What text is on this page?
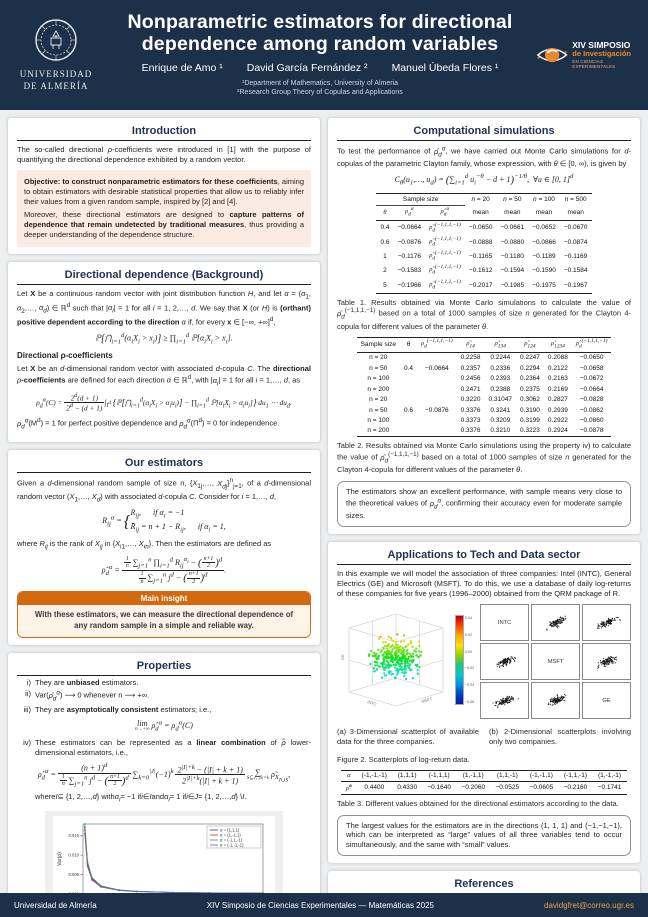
UNIVERSIDAD
DE ALMERÍA
Nonparametric estimators for directional
dependence among random variables
Enrique de Amo ¹ David García Fernández ² Manuel Úbeda Flores ¹
¹Department of Mathematics, University of Almeria
²Research Group Theory of Copulas and Applications
XIV SIMPOSIO
de Investigación
EN CIENCIAS EXPERIMENTALES
Introduction

The so-called directional ρ-coefficients were introduced in [1] with the purpose of quantifying the directional dependence exhibited by a random vector.

Objective: to construct nonparametric estimators for these coefficients, aiming to obtain estimators with desirable statistical properties that allow us to reliably infer their values from a given random sample, inspired by [2] and [4].

Moreover, these directional estimators are designed to capture patterns of dependence that remain undetected by traditional measures, thus providing a deeper understanding of the dependence structure.

Directional dependence (Background)

Let X be a continuous random vector with joint distribution function H, and let $\alpha = (\alpha_1$, $\alpha_2,\dots$, $\alpha_d$) ∈ ℝ$^d$ such that $|\alpha_i| = 1$ for all i = 1, 2,…, d. We say that X (or H) is (orthant) positive dependent according to the direction α if, for every x ∈ [−∞, +∞]$^d$,

$ℙ[⋂_{i=1}^d(\alpha_iX_i > x_i)]$ ≥ $\prod_{i=1}^d$ $ℙ[\alpha_iX_i > x_i]$.
Directional ρ-coefficients

Let X be an d-dimensional random vector with associated d-copula C. The directional ρ-coefficients are defined for each direction α ∈ ℝ$^d$, with $|\alpha_i| = 1$ for all i = 1,…, d, as

$\rho_d^\alpha(C) = \frac{2^d(d + 1)}{2^d - (d + 1)} \int_{I^d}$ {$ℙ[⋂_{i=1}^d(\alpha_iX_i > \alpha_iu_i)]$ − $\prod_{i=1}^d$ $ℙ[\alpha_iX_i > \alpha_iu_i]$} $du_1$ ⋯ $du_d$.

$\rho_d^\alpha(M^d) = 1$ for perfect positive dependence and $\rho_d^\alpha(\Pi^d) = 0$ for independence.

Our estimators

Given a d-dimensional random sample of size n, {$X_{1j},\dots$, $X_{dj}\}^n_{j=1}$, of a d-dimensional random vector ($X_1,\dots$, $X_d$) with associated d-copula C. Consider for i = 1,…, d,

$R_{ij}^\alpha$ = { $R_{ij}$, if $\alpha_i = -1$
$R̄_{ij} = n + 1 - R_{ij}$, if $\alpha_i = 1$,

where $R_{ij}$ is the rank of $X_{ij}$ in {$X_{i1},\dots$, $X_{in}$}. Then the estimators are defined as

$\rhô_d^\alpha = \frac{\frac{1}{n} \sum_{j=1}^n \prod_{i=1}^d R_{ij}^{\alpha_i} - ( \frac{n+1}{2} )^d}{\frac{1}{n} \sum_{j=1}^n j^d - ( \frac{n+1}{2} )^d}$ .
Main insight
With these estimators, we can measure the directional dependence of any random sample in a simple and reliable way.
Properties
i) They are unbiased estimators.
ii) $Var(\rhô_d^\alpha)$ ⟶ 0 whenever n ⟶ +∞.
iii) They are asymptotically consistent estimators; i.e.,
lim
n→+∞ $\rhô_d^\alpha = \rho_d^\alpha(C)$
iv) These estimators can be represented as a linear combination of ρ̃ lower-dimensional estimators, i.e.,
$\rhô_d^\alpha = \frac{(n + 1)^d}{\frac{1}{n} \sum_{j=1}^n j^d - ( \frac{n+1}{2} )^d} \sum_{k=0}^{|J|}(-1)^k \frac{2^{|I|+k} - (|I| + k + 1)}{2^{|I|+k}(|I| + k + 1)}$ ∑
S⊆J, |S|=k $\rhõ_{X_{I\cup S}}$,
where I ⊆ {1, 2,…, d } with $\alpha_i = -1$ if i ∈ I and $\alpha_i = 1$ if i ∈ J = {1, 2,…, d } \ I .
0.005
0.010
0.015
Var(ρ̂)
α = (1,1,1)
α = (1,-1,1)
α = (-1,1,-1)
α = (-1,-1,-1)

Computational simulations

To test the performance of $\rhô_d^\alpha$, we have carried out Monte Carlo simulations for d-copulas of the parametric Clayton family, whose expression, with θ ∈ [0, ∞), is given by

$C_\theta(u_1,\dots$, $u_d) = (\sum_{i=1}^d$ $u_i^{-\theta} - d + 1)^{-1/\theta}$,  ∀u ∈ [0, 1]$^d$
Sample size			n = 20	n = 50	n = 100	n = 500
θ	$\rho_d^\alpha$	$\rhô_d^\alpha$	mean	mean	mean	mean
0.4	−0.0664	$\rhô_d^{(-1,1,1,-1)}$	−0.0650	−0.0661	−0.0652	−0.0670
0.6	−0.0876	$\rhô_d^{(-1,1,1,-1)}$	−0.0888	−0.0880	−0.0866	−0.0874
1	−0.1176	$\rhô_d^{(-1,1,1,-1)}$	−0.1165	−0.1180	−0.1189	−0.1169
2	−0.1583	$\rhô_d^{(-1,1,1,-1)}$	−0.1612	−0.1594	−0.1590	−0.1584
5	−0.1966	$\rhô_d^{(-1,1,1,-1)}$	−0.2017	−0.1985	−0.1975	−0.1967

Table 1. Results obtained via Monte Carlo simulations to calculate the value of $\rhô_d^{(-1,1,1,-1)}$ based on a total of 1000 samples of size n generated for the Clayton 4-copula for different values of the parameter θ.

Sample size	θ	$\rho_d^{(-1,1,1,-1)}$	$\rhõ_{14}$	$\rhõ_{134}$	$\rhõ_{124}$	$\rhõ_{1234}$	$\rhô_d^{(-1,1,1,-1)}$
n = 20			0.2258	0.2244	0.2247	0.2088	−0.0650
n = 50	0.4	−0.0664	0.2357	0.2336	0.2294	0.2122	−0.0658
n = 100			0.2456	0.2393	0.2364	0.2163	−0.0672
n = 200			0.2471	0.2388	0.2375	0.2169	−0.0664
n = 20			0.3220	0.31047	0.3062	0.2827	−0.0828
n = 50	0.6	−0.0876	0.3376	0.3241	0.3190	0.2939	−0.0862
n = 100			0.3373	0.3209	0.3199	0.2922	−0.0860
n = 200			0.3376	0.3210	0.3223	0.2924	−0.0878

Table 2. Results obtained via Monte Carlo simulations using the property iv) to calculate the value of $\rhô_d^{(-1,1,1,-1)}$ based on a total of 1000 samples of size n generated for the Clayton 4-copula for different values of the parameter θ.

The estimators show an excellent performance, with sample means very close to the theoretical values of $\rho_d^\alpha$, confirming their accuracy even for moderate sample sizes.

Applications to Tech and Data sector

In this example we will model the association of three companies: Intel (INTC), General Electrics (GE) and Microsoft (MSFT). To do this, we use a database of daily log-returns of these companies for five years (1996–2000) obtained from the QRM package of R.

INTC	MSFT
GE
0.04
0.02
0.00
−0.02
−0.04
−0.06
INTC
MSFT
GE

(a) 3-Dimensional scatterplot of available data for the three companies.

(b) 2-Dimensional scatterplots involving only two companies.

Figure 2. Scatterplots of log-return data.

α	(-1,-1,-1)	(1,1,1)	(-1,1,1)	(1,-1,1)	(1,1,-1)	(-1,-1,1)	(-1,1,-1)	(1,-1,-1)
ρ̂$^\alpha$	0.4400	0.4330	−0.1640	−0.2060	−0.0525	−0.0605	−0.2160	−0.1741

Table 3. Different values obtained for the directional estimators according to the data.

The largest values for the estimators are in the directions (1, 1, 1) and (−1,−1,−1), which can be interpreted as “large” values of all three variables tend to occur simultaneously, and the same with “small” values.

References
Universidad de Almería	XIV Simposio de Ciencias Experimentales — Matemáticas 2025	davidgfret@correo.ugr.es
